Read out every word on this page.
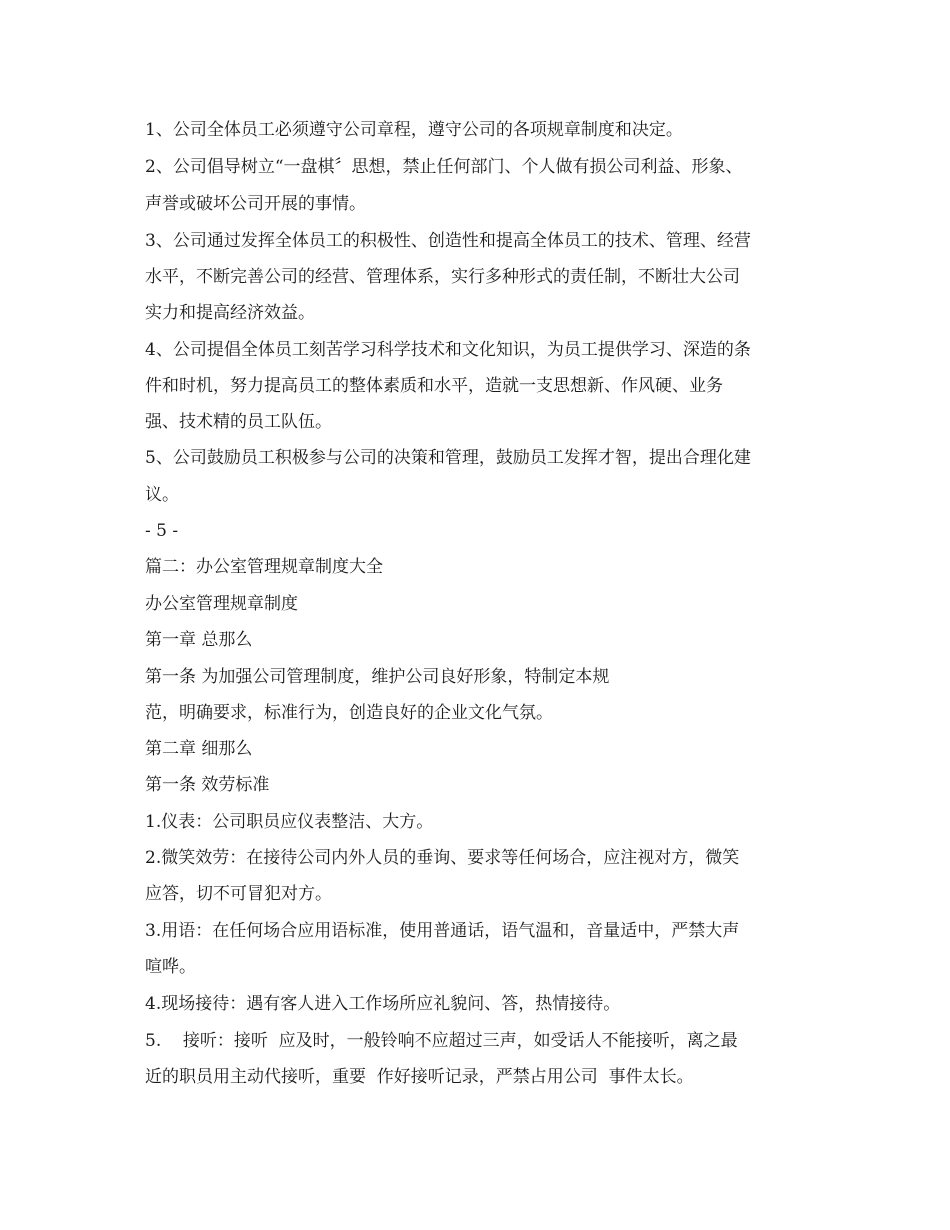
1、公司全体员工必须遵守公司章程，遵守公司的各项规章制度和决定。
2、公司倡导树立“一盘棋〞思想，禁止任何部门、个人做有损公司利益、形象、
声誉或破坏公司开展的事情。
3、公司通过发挥全体员工的积极性、创造性和提高全体员工的技术、管理、经营
水平，不断完善公司的经营、管理体系，实行多种形式的责任制，不断壮大公司
实力和提高经济效益。
4、公司提倡全体员工刻苦学习科学技术和文化知识，为员工提供学习、深造的条
件和时机，努力提高员工的整体素质和水平，造就一支思想新、作风硬、业务
强、技术精的员工队伍。
5、公司鼓励员工积极参与公司的决策和管理，鼓励员工发挥才智，提出合理化建
议。
- 5 -
篇二：办公室管理规章制度大全
办公室管理规章制度
第一章 总那么
第一条 为加强公司管理制度，维护公司良好形象，特制定本规
范，明确要求，标准行为，创造良好的企业文化气氛。
第二章 细那么
第一条 效劳标准
1.仪表：公司职员应仪表整洁、大方。
2.微笑效劳：在接待公司内外人员的垂询、要求等任何场合，应注视对方，微笑
应答，切不可冒犯对方。
3.用语：在任何场合应用语标准，使用普通话，语气温和，音量适中，严禁大声
喧哗。
4.现场接待：遇有客人进入工作场所应礼貌问、答，热情接待。
5.    接听：接听  应及时，一般铃响不应超过三声，如受话人不能接听，离之最
近的职员用主动代接听，重要  作好接听记录，严禁占用公司  事件太长。
